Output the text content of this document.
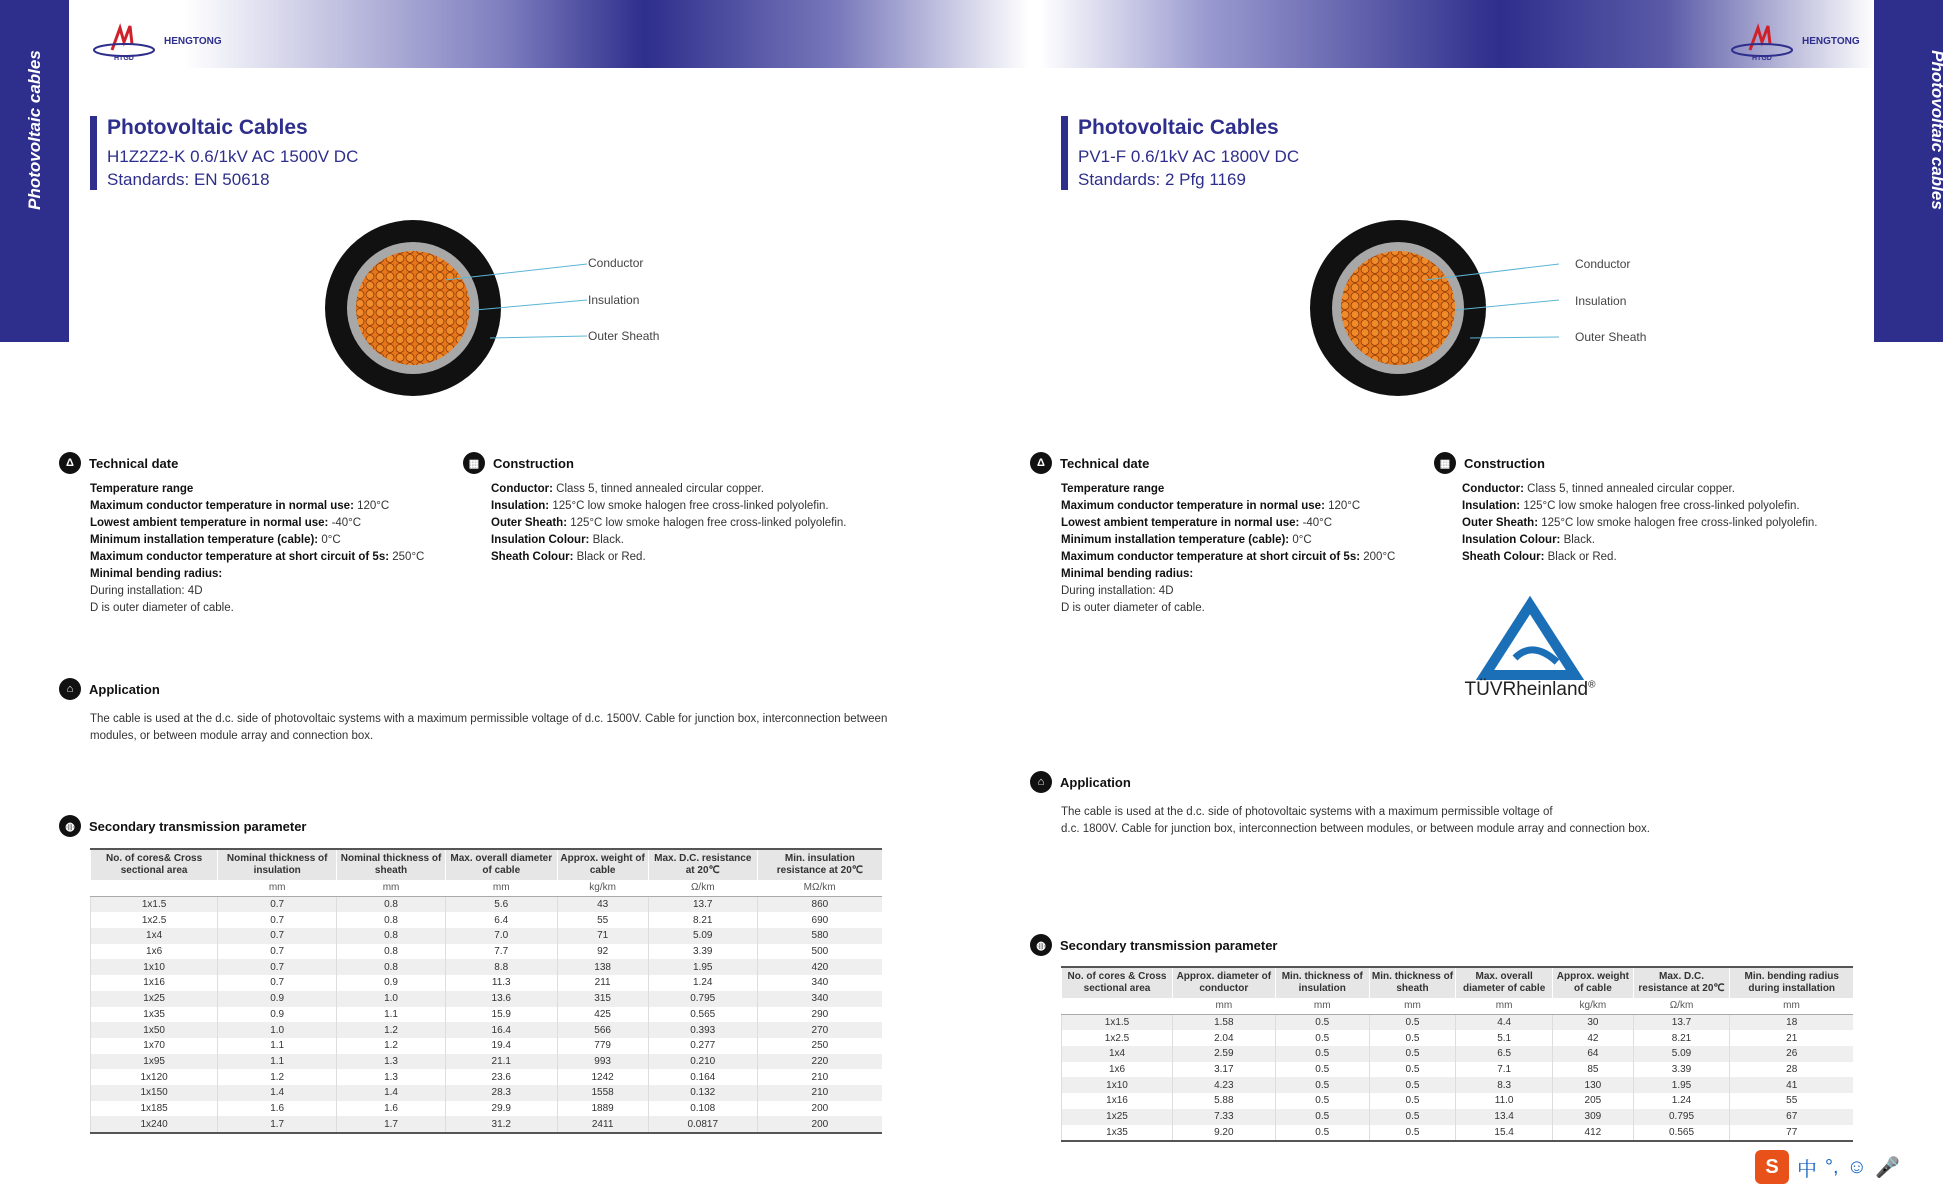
Photovoltaic cables	Photovoltaic cables
HTGD
HENGTONG
HTGD
HENGTONG
Photovoltaic Cables
H1Z2Z2-K 0.6/1kV AC 1500V DC
Standards: EN 50618
Conductor
Insulation
Outer Sheath
Δ	Technical date
Temperature range
Maximum conductor temperature in normal use: 120°C
Lowest ambient temperature in normal use: -40°C
Minimum installation temperature (cable): 0°C
Maximum conductor temperature at short circuit of 5s: 250°C
Minimal bending radius:
During installation: 4D
D is outer diameter of cable.
▦	Construction
Conductor: Class 5, tinned annealed circular copper.
Insulation: 125°C low smoke halogen free cross-linked polyolefin.
Outer Sheath: 125°C low smoke halogen free cross-linked polyolefin.
Insulation Colour: Black.
Sheath Colour: Black or Red.
⌂	Application
The cable is used at the d.c. side of photovoltaic systems with a maximum permissible voltage of d.c. 1500V. Cable for junction box, interconnection between modules, or between module array and connection box.
◍	Secondary transmission parameter
No. of cores& Cross sectional area	Nominal thickness of insulation	Nominal thickness of sheath	Max. overall diameter of cable	Approx. weight of cable	Max. D.C. resistance at 20℃	Min. insulation resistance at 20℃
	mm	mm	mm	kg/km	Ω/km	MΩ/km
1x1.5	0.7	0.8	5.6	43	13.7	860
1x2.5	0.7	0.8	6.4	55	8.21	690
1x4	0.7	0.8	7.0	71	5.09	580
1x6	0.7	0.8	7.7	92	3.39	500
1x10	0.7	0.8	8.8	138	1.95	420
1x16	0.7	0.9	11.3	211	1.24	340
1x25	0.9	1.0	13.6	315	0.795	340
1x35	0.9	1.1	15.9	425	0.565	290
1x50	1.0	1.2	16.4	566	0.393	270
1x70	1.1	1.2	19.4	779	0.277	250
1x95	1.1	1.3	21.1	993	0.210	220
1x120	1.2	1.3	23.6	1242	0.164	210
1x150	1.4	1.4	28.3	1558	0.132	210
1x185	1.6	1.6	29.9	1889	0.108	200
1x240	1.7	1.7	31.2	2411	0.0817	200
Photovoltaic Cables
PV1-F 0.6/1kV AC 1800V DC
Standards: 2 Pfg 1169
Conductor
Insulation
Outer Sheath
Δ	Technical date
Temperature range
Maximum conductor temperature in normal use: 120°C
Lowest ambient temperature in normal use: -40°C
Minimum installation temperature (cable): 0°C
Maximum conductor temperature at short circuit of 5s: 200°C
Minimal bending radius:
During installation: 4D
D is outer diameter of cable.
▦	Construction
Conductor: Class 5, tinned annealed circular copper.
Insulation: 125°C low smoke halogen free cross-linked polyolefin.
Outer Sheath: 125°C low smoke halogen free cross-linked polyolefin.
Insulation Colour: Black.
Sheath Colour: Black or Red.
TÜVRheinland®
⌂	Application
The cable is used at the d.c. side of photovoltaic systems with a maximum permissible voltage of
d.c. 1800V. Cable for junction box, interconnection between modules, or between module array and connection box.
◍	Secondary transmission parameter
No. of cores & Cross sectional area	Approx. diameter of conductor	Min. thickness of insulation	Min. thickness of sheath	Max. overall diameter of cable	Approx. weight of cable	Max. D.C. resistance at 20℃	Min. bending radius during installation
	mm	mm	mm	mm	kg/km	Ω/km	mm
1x1.5	1.58	0.5	0.5	4.4	30	13.7	18
1x2.5	2.04	0.5	0.5	5.1	42	8.21	21
1x4	2.59	0.5	0.5	6.5	64	5.09	26
1x6	3.17	0.5	0.5	7.1	85	3.39	28
1x10	4.23	0.5	0.5	8.3	130	1.95	41
1x16	5.88	0.5	0.5	11.0	205	1.24	55
1x25	7.33	0.5	0.5	13.4	309	0.795	67
1x35	9.20	0.5	0.5	15.4	412	0.565	77
S 中 °, ☺ 🎤
